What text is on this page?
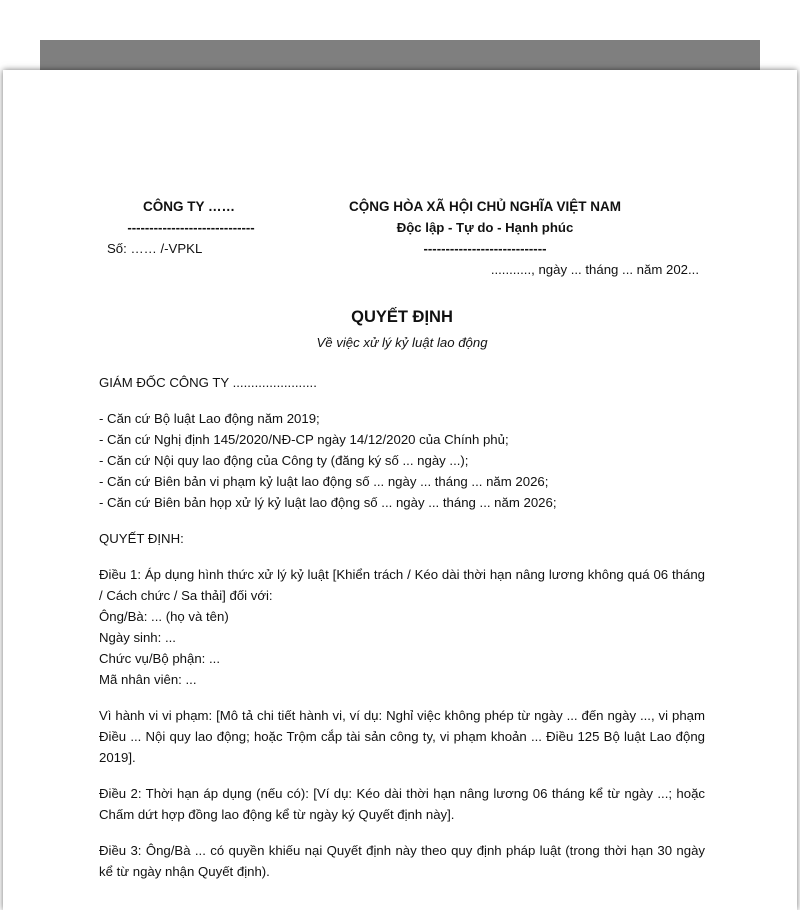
CÔNG TY ……
-----------------------------
Số: …… /-VPKL
CỘNG HÒA XÃ HỘI CHỦ NGHĨA VIỆT NAM
Độc lập - Tự do - Hạnh phúc
----------------------------
..........., ngày ... tháng ... năm 202...
QUYẾT ĐỊNH
Về việc xử lý kỷ luật lao động

GIÁM ĐỐC CÔNG TY .......................

- Căn cứ Bộ luật Lao động năm 2019;

- Căn cứ Nghị định 145/2020/NĐ-CP ngày 14/12/2020 của Chính phủ;

- Căn cứ Nội quy lao động của Công ty (đăng ký số ... ngày ...);

- Căn cứ Biên bản vi phạm kỷ luật lao động số ... ngày ... tháng ... năm 2026;

- Căn cứ Biên bản họp xử lý kỷ luật lao động số ... ngày ... tháng ... năm 2026;

QUYẾT ĐỊNH:

Điều 1: Áp dụng hình thức xử lý kỷ luật [Khiển trách / Kéo dài thời hạn nâng lương không quá 06 tháng / Cách chức / Sa thải] đối với:

Ông/Bà: ... (họ và tên)

Ngày sinh: ...

Chức vụ/Bộ phận: ...

Mã nhân viên: ...

Vì hành vi vi phạm: [Mô tả chi tiết hành vi, ví dụ: Nghỉ việc không phép từ ngày ... đến ngày ..., vi phạm Điều ... Nội quy lao động; hoặc Trộm cắp tài sản công ty, vi phạm khoản ... Điều 125 Bộ luật Lao động 2019].

Điều 2: Thời hạn áp dụng (nếu có): [Ví dụ: Kéo dài thời hạn nâng lương 06 tháng kể từ ngày ...; hoặc Chấm dứt hợp đồng lao động kể từ ngày ký Quyết định này].

Điều 3: Ông/Bà ... có quyền khiếu nại Quyết định này theo quy định pháp luật (trong thời hạn 30 ngày kể từ ngày nhận Quyết định).
